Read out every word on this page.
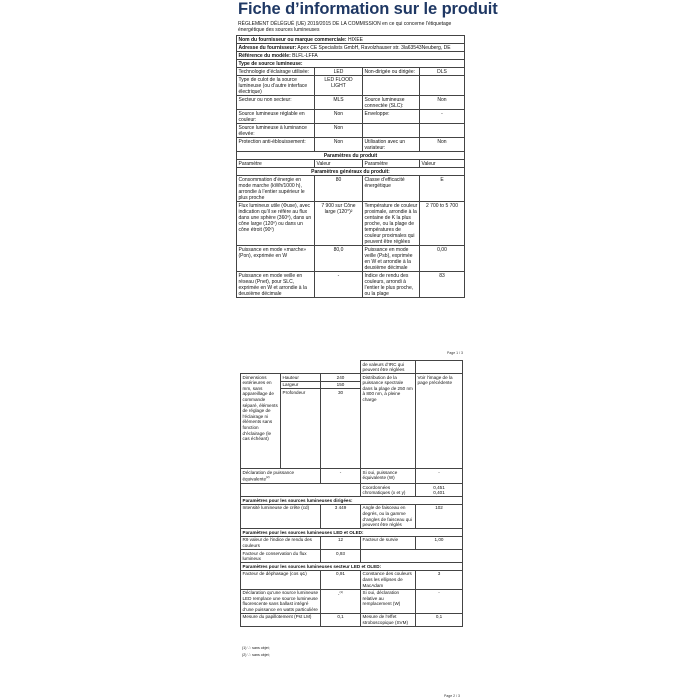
Fiche d’information sur le produit
RÈGLEMENT DÉLÉGUÉ (UE) 2019/2015 DE LA COMMISSION en ce qui concerne l’étiquetage énergétique des sources lumineuses
Nom du fournisseur ou marque commerciale: HIXEE			
Adresse du fournisseur: Apex CE Specialists GmbH, Ravolzhauser str. 3la63543Neuberg, DE			
Référence du modèle: BLFL-LFFA			
Type de source lumineuse:			
Technologie d’éclairage utilisée:	LED	Non-dirigée ou dirigée:	DLS
Type de culot de la source lumineuse (ou d’autre interface électrique)	LED FLOOD LIGHT		
Secteur ou non secteur:	MLS	Source lumineuse connectée (SLC):	Non
Source lumineuse réglable en couleur:	Non	Enveloppe:	-
Source lumineuse à luminance élevée:	Non		
Protection anti-éblouissement:	Non	Utilisation avec un variateur:	Non
Paramètres du produit			
Paramètre	Valeur	Paramètre	Valeur
Paramètres généraux du produit:			
Consommation d’énergie en mode marche (kWh/1000 h), arrondie à l’entier supérieur le plus proche	80	Classe d’efficacité énergétique	E
Flux lumineux utile (Φuse), avec indication qu’il se réfère au flux dans une sphère (360º), dans un cône large (120º) ou dans un cône étroit (90º)	7 900 sur Cône large (120°)²	Température de couleur proximale, arrondie à la centaine de K la plus proche, ou la plage de températures de couleur proximales qui peuvent être réglées	2 700 to 5 700
Puissance en mode «marche» (Pon), exprimée en W	80,0	Puissance en mode veille (Psb), exprimée en W et arrondie à la deuxième décimale	0,00
Puissance en mode veille en réseau (Pnet), pour SLC, exprimée en W et arrondie à la deuxième décimale	-	Indice de rendu des couleurs, arrondi à l’entier le plus proche, ou la plage	83
Page 1 / 3
			de valeurs d’IRC qui peuvent être réglées	
Dimensions extérieures en mm, sans appareillage de commande séparé, éléments de réglage de l’éclairage ni éléments sans fonction d’éclairage (le cas échéant)	Hauteur	240	Distribution de la puissance spectrale dans la plage de 250 nm à 800 nm, à pleine charge	Voir l’image de la page précédente
	Largeur	150		
	Profondeur	30		
Déclaration de puissance équivalente$^{(2)}$		-	Si oui, puissance équivalente (W)	-
			Coordonnées chromatiques (x et y)	0,451
0,401

Paramètres pour les sources lumineuses dirigées:				
Intensité lumineuse de crête (cd)		3 449	Angle de faisceau en degrés, ou la gamme d’angles de faisceau qui peuvent être réglés	102
Paramètres pour les sources lumineuses LED et OLED:				
R9 valeur de l’indice de rendu des couleurs		12	Facteur de survie	1,00
Facteur de conservation du flux lumineux		0,93		
Paramètres pour les sources lumineuses secteur LED et OLED:				
Facteur de déphasage (cos φ1)		0,91	Constance des couleurs dans les ellipses de MacAdam	3
Déclaration qu’une source lumineuse LED remplace une source lumineuse fluorescente sans ballast intégré d’une puissance en watts particulière		-$^{(1)}$	Si oui, déclaration relative au remplacement (W)	-
Mesure du papillotement (Pst LM)		0,1	Mesure de l’effet stroboscopique (SVM)	0,1
(1) ‘-’: sans objet;
(2) ‘-’: sans objet;
Page 2 / 3
